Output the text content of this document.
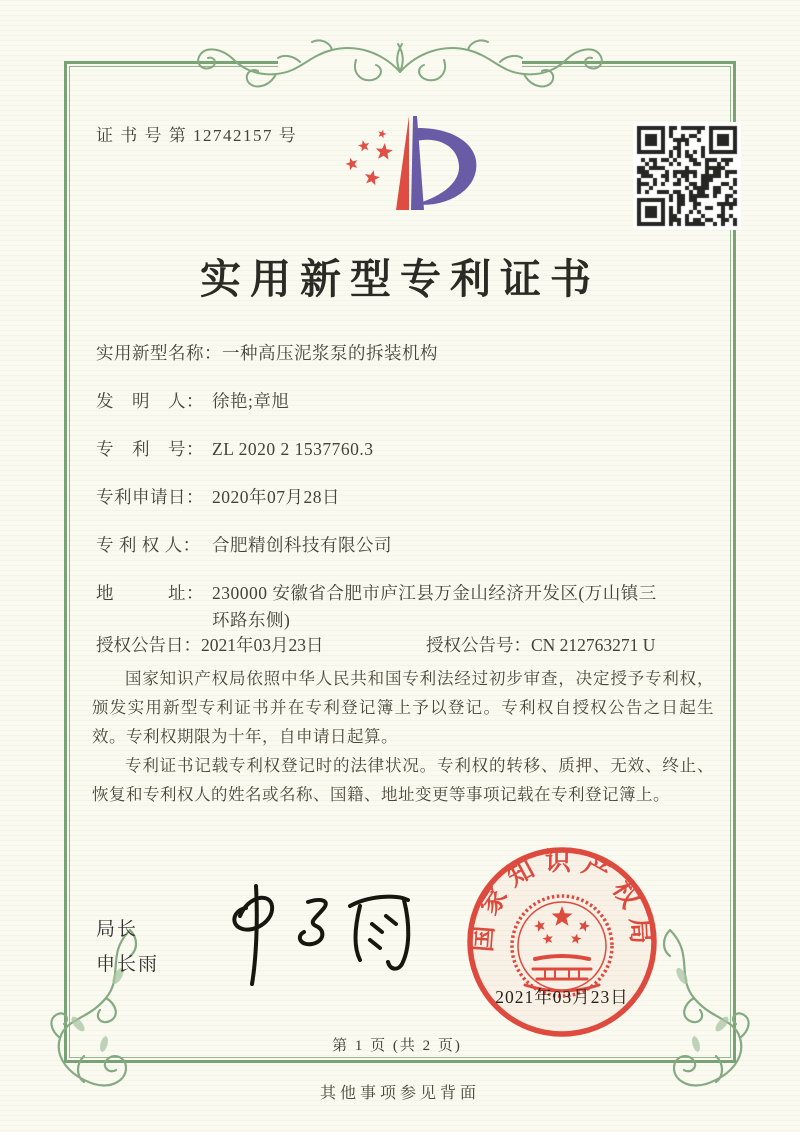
证 书 号 第 12742157 号
实用新型专利证书
实用新型名称： 一种高压泥浆泵的拆装机构
发　明　人： 徐艳;章旭
专　利　号： ZL 2020 2 1537760.3
专利申请日： 2020年07月28日
专 利 权 人： 合肥精创科技有限公司
地　　　址： 230000 安徽省合肥市庐江县万金山经济开发区(万山镇三环路东侧)
授权公告日：2021年03月23日	授权公告号：CN 212763271 U

国家知识产权局依照中华人民共和国专利法经过初步审查，决定授予专利权，颁发实用新型专利证书并在专利登记簿上予以登记。专利权自授权公告之日起生效。专利权期限为十年，自申请日起算。

专利证书记载专利权登记时的法律状况。专利权的转移、质押、无效、终止、恢复和专利权人的姓名或名称、国籍、地址变更等事项记载在专利登记簿上。

局长
申长雨
国家知识产权局
2021年03月23日
第 1 页 (共 2 页)
其他事项参见背面
